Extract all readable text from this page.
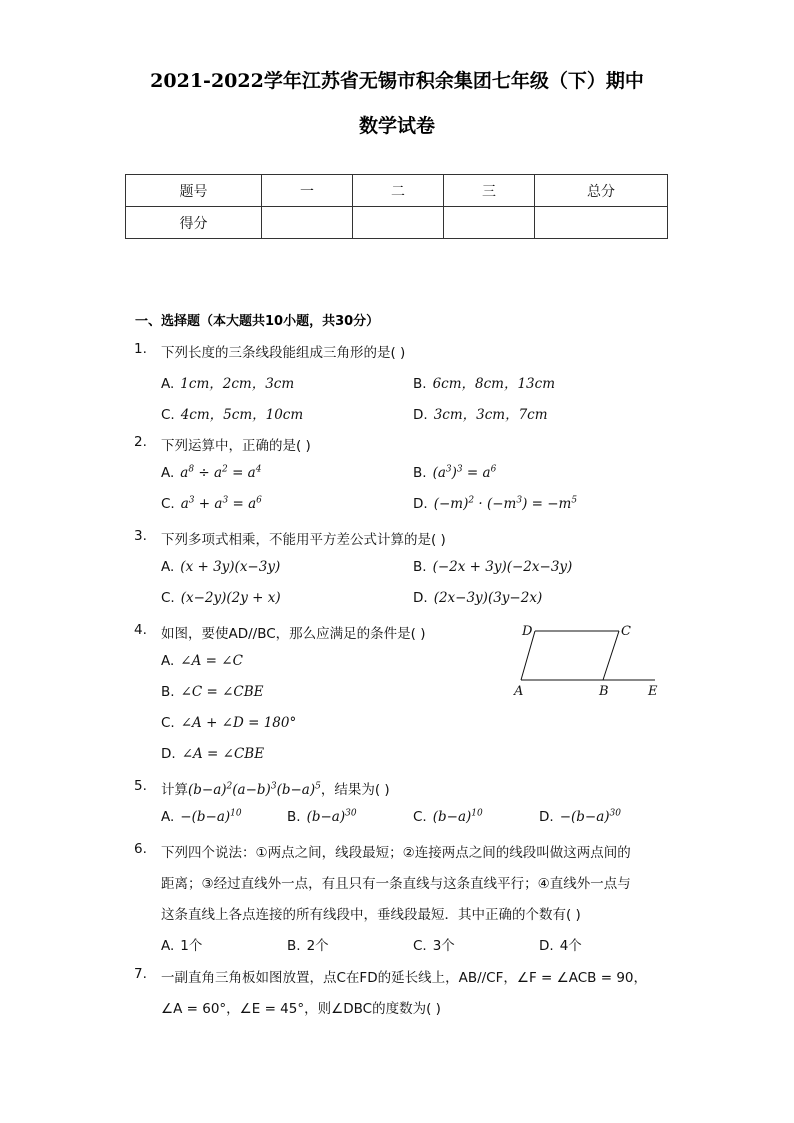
2021-2022学年江苏省无锡市积余集团七年级（下）期中
数学试卷
题号	一	二	三	总分
得分				
一、选择题（本大题共10小题，共30分）
1. 下列长度的三条线段能组成三角形的是( )
A. 1cm，2cm，3cm	B. 6cm，8cm，13cm
C. 4cm，5cm，10cm	D. 3cm，3cm，7cm
2. 下列运算中，正确的是( )
A. $a^8 \div a^2 = a^4$	B. $(a^3)^3 = a^6$
C. $a^3 + a^3 = a^6$	D. $(-m)^2 \cdot (-m^3) = -m^5$
3. 下列多项式相乘，不能用平方差公式计算的是( )
A. (x + 3y)(x−3y)	B. (−2x + 3y)(−2x−3y)
C. (x−2y)(2y + x)	D. (2x−3y)(3y−2x)
4. 如图，要使AD//BC，那么应满足的条件是( )
A. ∠A = ∠C
B. ∠C = ∠CBE
C. ∠A + ∠D = 180°
D. ∠A = ∠CBE
D	C
A	B	E
5. 计算$(b-a)^2(a-b)^3(b-a)^5$，结果为( )
A. $-(b-a)^{10}$	B. $(b-a)^{30}$	C. $(b-a)^{10}$	D. $-(b-a)^{30}$
6. 下列四个说法：①两点之间，线段最短；②连接两点之间的线段叫做这两点间的
距离；③经过直线外一点，有且只有一条直线与这条直线平行；④直线外一点与
这条直线上各点连接的所有线段中，垂线段最短．其中正确的个数有( )
A. 1个	B. 2个	C. 3个	D. 4个
7. 一副直角三角板如图放置，点C在FD的延长线上，AB//CF，∠F = ∠ACB = 90，
∠A = 60°，∠E = 45°，则∠DBC的度数为( )
